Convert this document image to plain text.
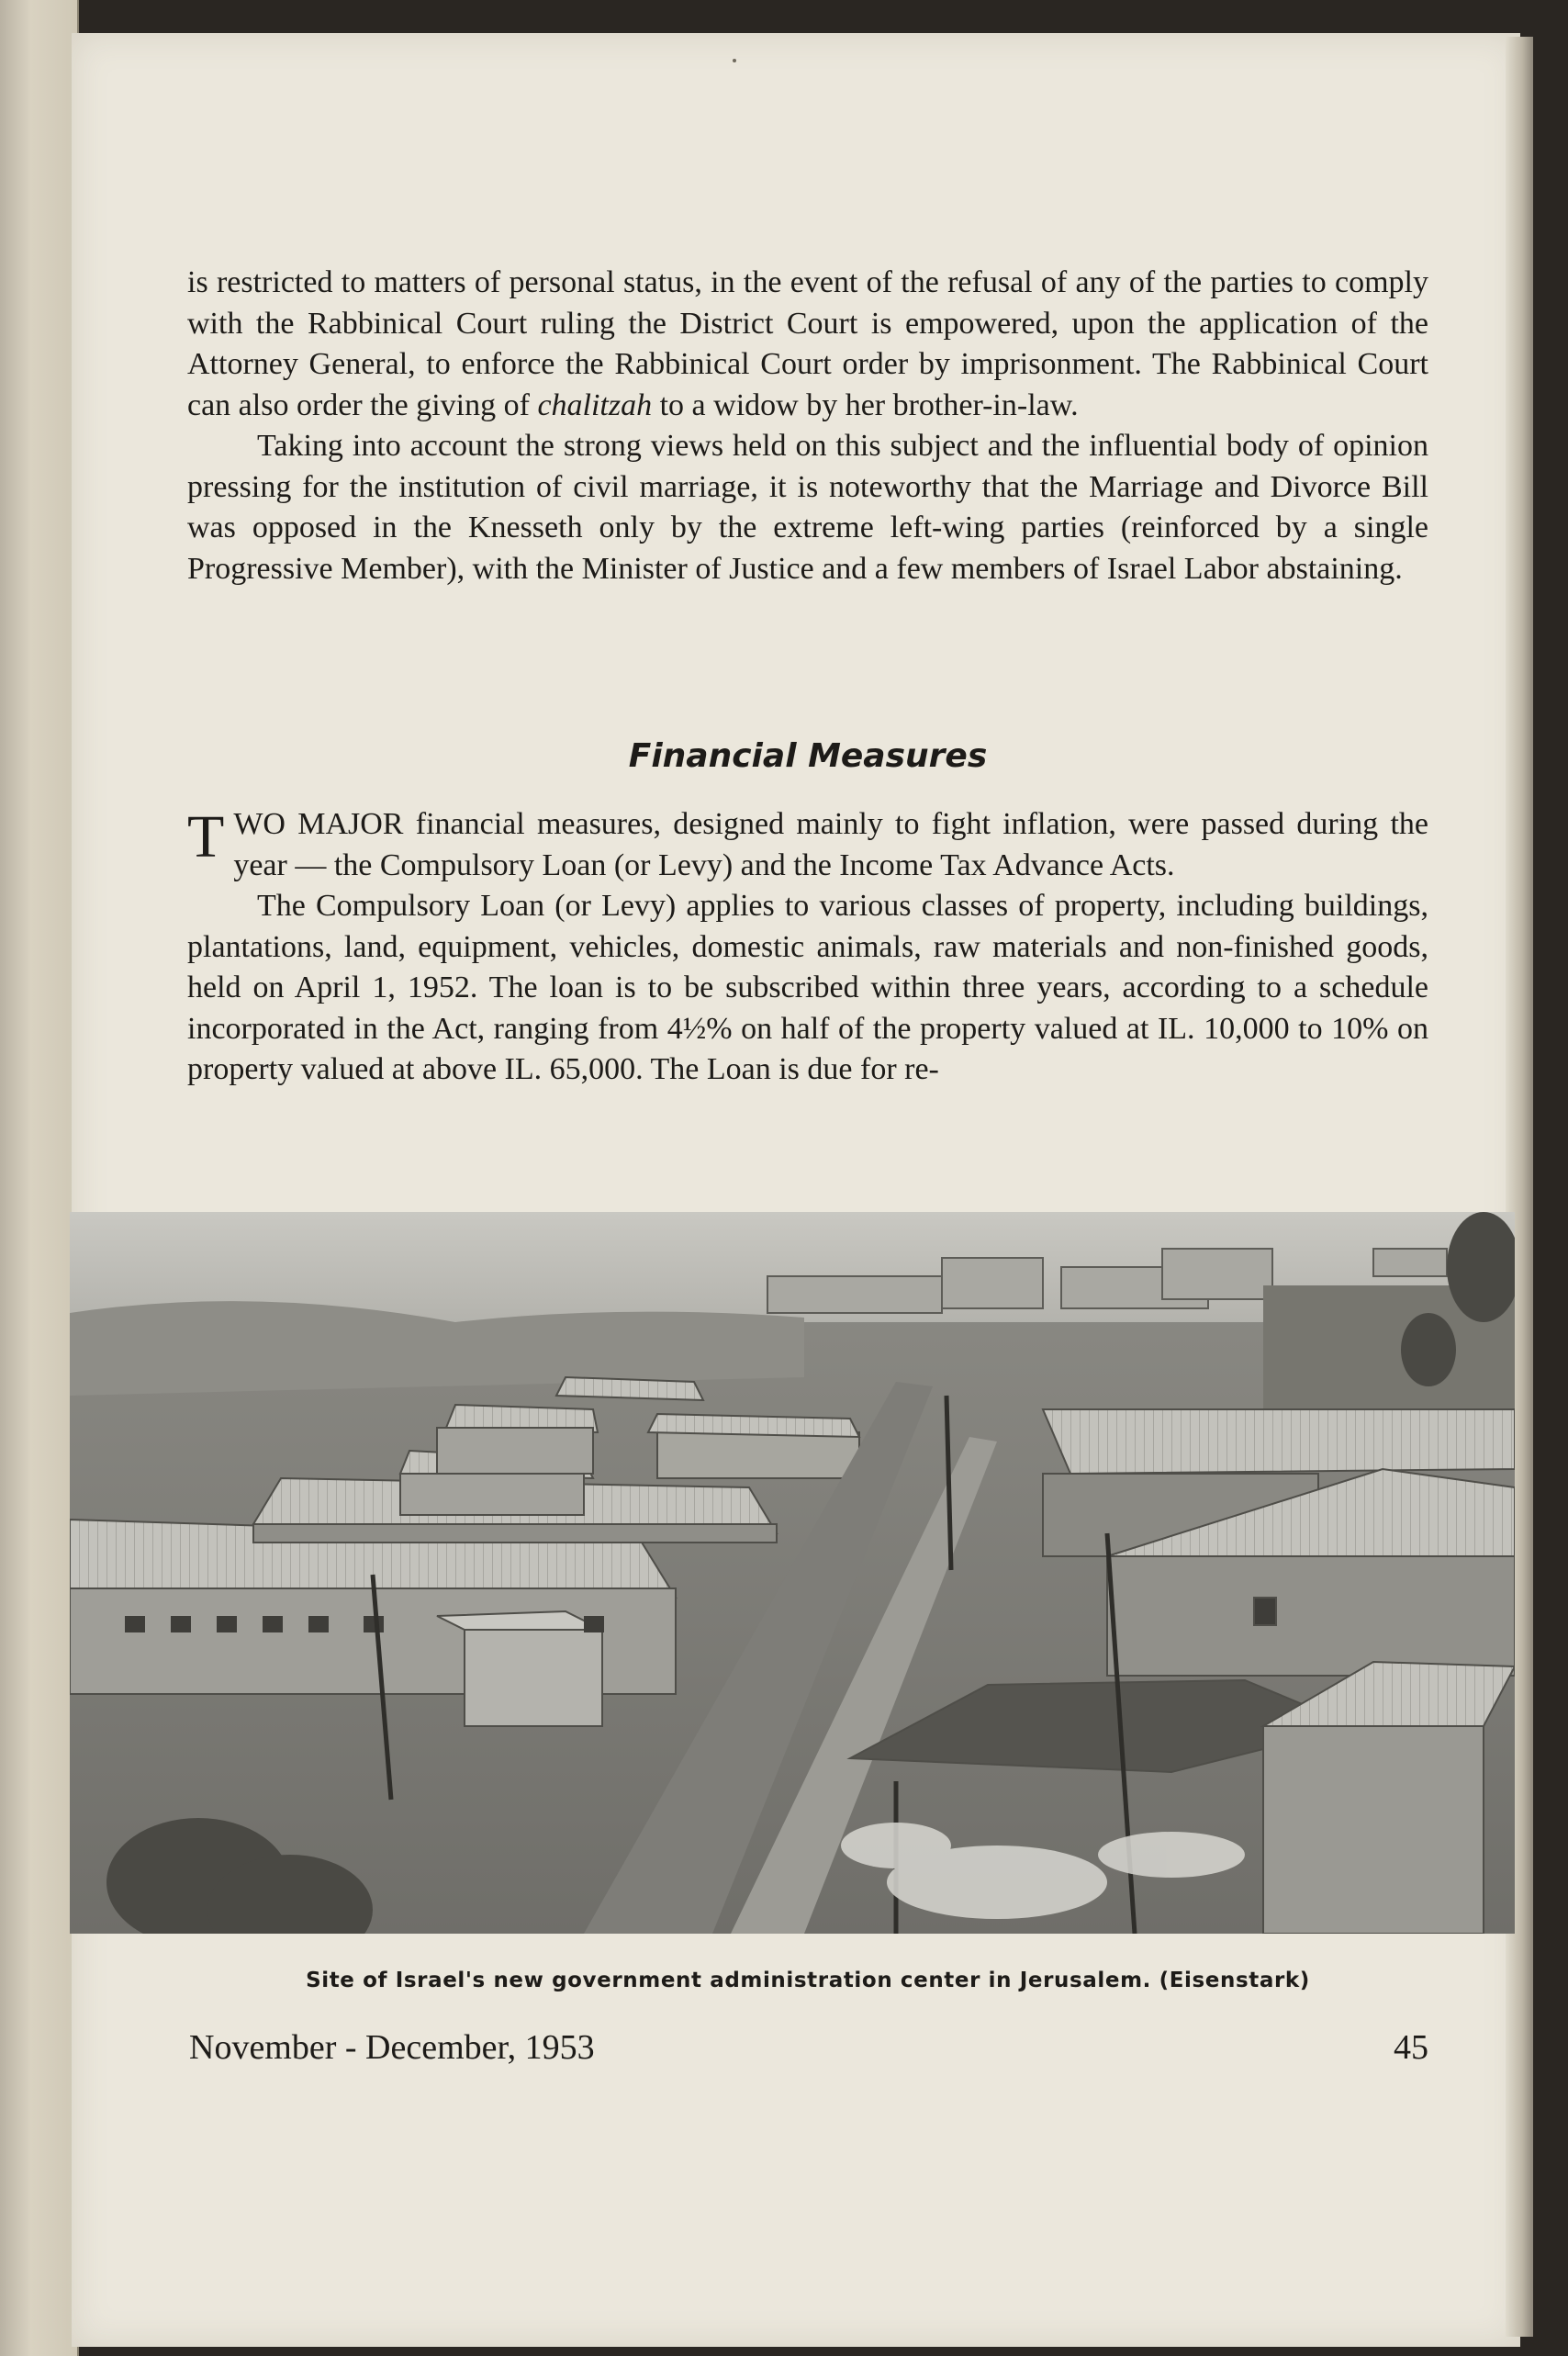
is restricted to matters of personal status, in the event of the refusal of any of the parties to comply with the Rabbinical Court ruling the District Court is empowered, upon the application of the Attorney General, to enforce the Rabbinical Court order by imprisonment. The Rabbinical Court can also order the giving of chalitzah to a widow by her brother-in-law.

Taking into account the strong views held on this subject and the influential body of opinion pressing for the institution of civil marriage, it is noteworthy that the Marriage and Divorce Bill was opposed in the Knesseth only by the extreme left-wing parties (reinforced by a single Progressive Member), with the Minister of Justice and a few members of Israel Labor abstaining.

Financial Measures

TWO MAJOR financial measures, designed mainly to fight inflation, were passed during the year — the Compulsory Loan (or Levy) and the Income Tax Advance Acts.

The Compulsory Loan (or Levy) applies to various classes of property, including buildings, plantations, land, equipment, vehicles, domestic animals, raw materials and non-finished goods, held on April 1, 1952. The loan is to be subscribed within three years, according to a schedule incorporated in the Act, ranging from 4½% on half of the property valued at IL. 10,000 to 10% on property valued at above IL. 65,000. The Loan is due for re-

Site of Israel's new government administration center in Jerusalem. (Eisenstark)
November - December, 1953	45
